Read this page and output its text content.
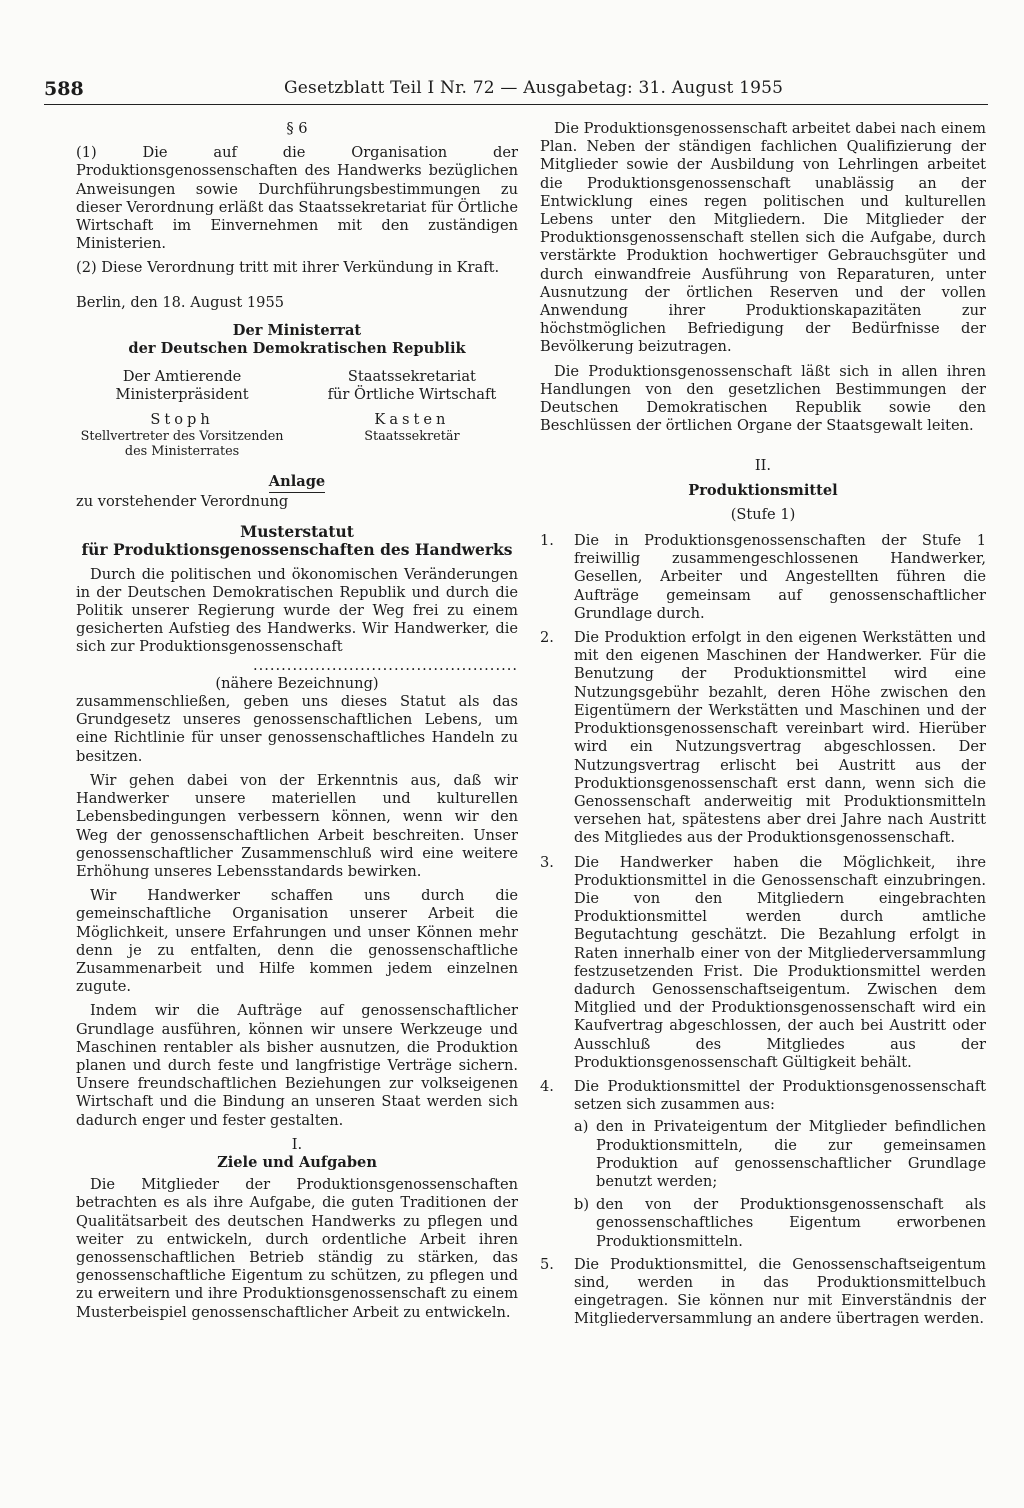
588	Gesetzblatt Teil I Nr. 72 — Ausgabetag: 31. August 1955

§ 6

(1) Die auf die Organisation der Produktionsgenossenschaften des Handwerks bezüglichen Anweisungen sowie Durchführungsbestimmungen zu dieser Verordnung erläßt das Staatssekretariat für Örtliche Wirtschaft im Einvernehmen mit den zuständigen Ministerien.

(2) Diese Verordnung tritt mit ihrer Verkündung in Kraft.

Berlin, den 18. August 1955

Der Ministerrat
der Deutschen Demokratischen Republik
Der Amtierende
Ministerpräsident
Stoph
Stellvertreter des Vorsitzenden
des Ministerrates
Staatssekretariat
für Örtliche Wirtschaft
Kasten
Staatssekretär
Anlage

zu vorstehender Verordnung

Musterstatut
für Produktionsgenossenschaften des Handwerks

Durch die politischen und ökonomischen Veränderungen in der Deutschen Demokratischen Republik und durch die Politik unserer Regierung wurde der Weg frei zu einem gesicherten Aufstieg des Handwerks. Wir Handwerker, die sich zur Produktionsgenossenschaft

...............................................
(nähere Bezeichnung)

zusammenschließen, geben uns dieses Statut als das Grundgesetz unseres genossenschaftlichen Lebens, um eine Richtlinie für unser genossenschaftliches Handeln zu besitzen.

Wir gehen dabei von der Erkenntnis aus, daß wir Handwerker unsere materiellen und kulturellen Lebensbedingungen verbessern können, wenn wir den Weg der genossenschaftlichen Arbeit beschreiten. Unser genossenschaftlicher Zusammenschluß wird eine weitere Erhöhung unseres Lebensstandards bewirken.

Wir Handwerker schaffen uns durch die gemeinschaftliche Organisation unserer Arbeit die Möglichkeit, unsere Erfahrungen und unser Können mehr denn je zu entfalten, denn die genossenschaftliche Zusammenarbeit und Hilfe kommen jedem einzelnen zugute.

Indem wir die Aufträge auf genossenschaftlicher Grundlage ausführen, können wir unsere Werkzeuge und Maschinen rentabler als bisher ausnutzen, die Produktion planen und durch feste und langfristige Verträge sichern. Unsere freundschaftlichen Beziehungen zur volkseigenen Wirtschaft und die Bindung an unseren Staat werden sich dadurch enger und fester gestalten.

I.
Ziele und Aufgaben

Die Mitglieder der Produktionsgenossenschaften betrachten es als ihre Aufgabe, die guten Traditionen der Qualitätsarbeit des deutschen Handwerks zu pflegen und weiter zu entwickeln, durch ordentliche Arbeit ihren genossenschaftlichen Betrieb ständig zu stärken, das genossenschaftliche Eigentum zu schützen, zu pflegen und zu erweitern und ihre Produktionsgenossenschaft zu einem Musterbeispiel genossenschaftlicher Arbeit zu entwickeln.

Die Produktionsgenossenschaft arbeitet dabei nach einem Plan. Neben der ständigen fachlichen Qualifizierung der Mitglieder sowie der Ausbildung von Lehrlingen arbeitet die Produktionsgenossenschaft unablässig an der Entwicklung eines regen politischen und kulturellen Lebens unter den Mitgliedern. Die Mitglieder der Produktionsgenossenschaft stellen sich die Aufgabe, durch verstärkte Produktion hochwertiger Gebrauchsgüter und durch einwandfreie Ausführung von Reparaturen, unter Ausnutzung der örtlichen Reserven und der vollen Anwendung ihrer Produktionskapazitäten zur höchstmöglichen Befriedigung der Bedürfnisse der Bevölkerung beizutragen.

Die Produktionsgenossenschaft läßt sich in allen ihren Handlungen von den gesetzlichen Bestimmungen der Deutschen Demokratischen Republik sowie den Beschlüssen der örtlichen Organe der Staatsgewalt leiten.

II.
Produktionsmittel
(Stufe 1)
1.	Die in Produktionsgenossenschaften der Stufe 1 freiwillig zusammengeschlossenen Handwerker, Gesellen, Arbeiter und Angestellten führen die Aufträge gemeinsam auf genossenschaftlicher Grundlage durch.
2.	Die Produktion erfolgt in den eigenen Werkstätten und mit den eigenen Maschinen der Handwerker. Für die Benutzung der Produktionsmittel wird eine Nutzungsgebühr bezahlt, deren Höhe zwischen den Eigentümern der Werkstätten und Maschinen und der Produktionsgenossenschaft vereinbart wird. Hierüber wird ein Nutzungsvertrag abgeschlossen. Der Nutzungsvertrag erlischt bei Austritt aus der Produktionsgenossenschaft erst dann, wenn sich die Genossenschaft anderweitig mit Produktionsmitteln versehen hat, spätestens aber drei Jahre nach Austritt des Mitgliedes aus der Produktionsgenossenschaft.
3.	Die Handwerker haben die Möglichkeit, ihre Produktionsmittel in die Genossenschaft einzubringen. Die von den Mitgliedern eingebrachten Produktionsmittel werden durch amtliche Begutachtung geschätzt. Die Bezahlung erfolgt in Raten innerhalb einer von der Mitgliederversammlung festzusetzenden Frist. Die Produktionsmittel werden dadurch Genossenschaftseigentum. Zwischen dem Mitglied und der Produktionsgenossenschaft wird ein Kaufvertrag abgeschlossen, der auch bei Austritt oder Ausschluß des Mitgliedes aus der Produktionsgenossenschaft Gültigkeit behält.
4.	Die Produktionsmittel der Produktionsgenossenschaft setzen sich zusammen aus:
a) den in Privateigentum der Mitglieder befindlichen Produktionsmitteln, die zur gemeinsamen Produktion auf genossenschaftlicher Grundlage benutzt werden;
b) den von der Produktionsgenossenschaft als genossenschaftliches Eigentum erworbenen Produktionsmitteln.
5.	Die Produktionsmittel, die Genossenschaftseigentum sind, werden in das Produktionsmittelbuch eingetragen. Sie können nur mit Einverständnis der Mitgliederversammlung an andere übertragen werden.
